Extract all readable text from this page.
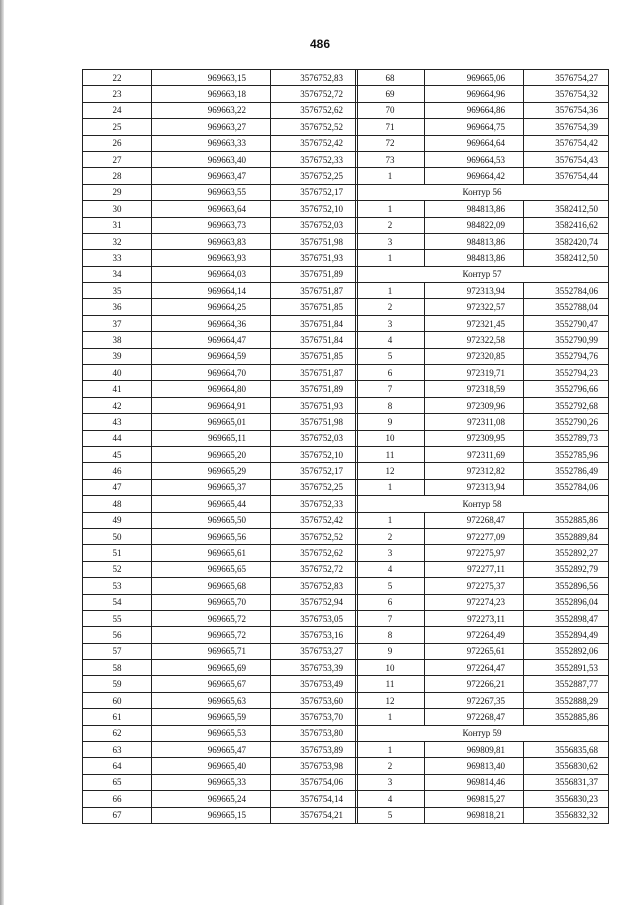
486
22	969663,15	3576752,83
23	969663,18	3576752,72
24	969663,22	3576752,62
25	969663,27	3576752,52
26	969663,33	3576752,42
27	969663,40	3576752,33
28	969663,47	3576752,25
29	969663,55	3576752,17
30	969663,64	3576752,10
31	969663,73	3576752,03
32	969663,83	3576751,98
33	969663,93	3576751,93
34	969664,03	3576751,89
35	969664,14	3576751,87
36	969664,25	3576751,85
37	969664,36	3576751,84
38	969664,47	3576751,84
39	969664,59	3576751,85
40	969664,70	3576751,87
41	969664,80	3576751,89
42	969664,91	3576751,93
43	969665,01	3576751,98
44	969665,11	3576752,03
45	969665,20	3576752,10
46	969665,29	3576752,17
47	969665,37	3576752,25
48	969665,44	3576752,33
49	969665,50	3576752,42
50	969665,56	3576752,52
51	969665,61	3576752,62
52	969665,65	3576752,72
53	969665,68	3576752,83
54	969665,70	3576752,94
55	969665,72	3576753,05
56	969665,72	3576753,16
57	969665,71	3576753,27
58	969665,69	3576753,39
59	969665,67	3576753,49
60	969665,63	3576753,60
61	969665,59	3576753,70
62	969665,53	3576753,80
63	969665,47	3576753,89
64	969665,40	3576753,98
65	969665,33	3576754,06
66	969665,24	3576754,14
67	969665,15	3576754,21
68	969665,06	3576754,27
69	969664,96	3576754,32
70	969664,86	3576754,36
71	969664,75	3576754,39
72	969664,64	3576754,42
73	969664,53	3576754,43
1	969664,42	3576754,44
Контур 56		
1	984813,86	3582412,50
2	984822,09	3582416,62
3	984813,86	3582420,74
1	984813,86	3582412,50
Контур 57		
1	972313,94	3552784,06
2	972322,57	3552788,04
3	972321,45	3552790,47
4	972322,58	3552790,99
5	972320,85	3552794,76
6	972319,71	3552794,23
7	972318,59	3552796,66
8	972309,96	3552792,68
9	972311,08	3552790,26
10	972309,95	3552789,73
11	972311,69	3552785,96
12	972312,82	3552786,49
1	972313,94	3552784,06
Контур 58		
1	972268,47	3552885,86
2	972277,09	3552889,84
3	972275,97	3552892,27
4	972277,11	3552892,79
5	972275,37	3552896,56
6	972274,23	3552896,04
7	972273,11	3552898,47
8	972264,49	3552894,49
9	972265,61	3552892,06
10	972264,47	3552891,53
11	972266,21	3552887,77
12	972267,35	3552888,29
1	972268,47	3552885,86
Контур 59		
1	969809,81	3556835,68
2	969813,40	3556830,62
3	969814,46	3556831,37
4	969815,27	3556830,23
5	969818,21	3556832,32
